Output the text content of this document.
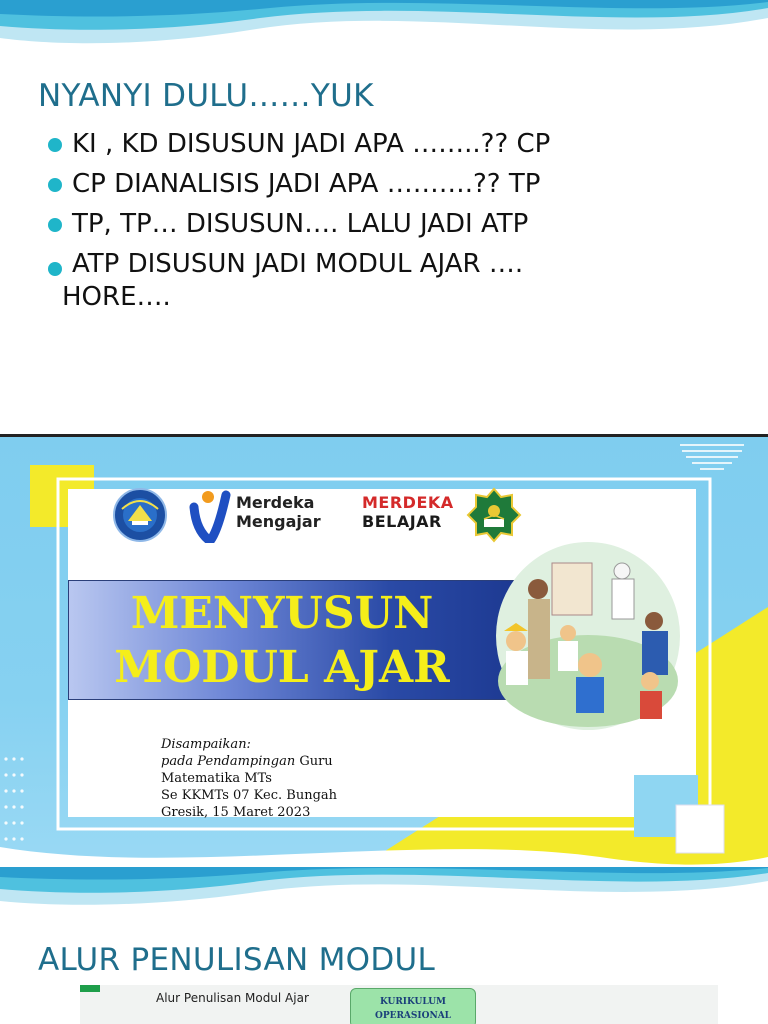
NYANYI DULU……YUK
KI , KD DISUSUN JADI APA ……..?? CP
CP DIANALISIS JADI APA ……….?? TP
TP, TP… DISUSUN…. LALU JADI ATP
ATP DISUSUN JADI MODUL AJAR ….
HORE….
Merdeka
Mengajar
MERDEKA
BELAJAR
MENYUSUN
MODUL AJAR
Disampaikan:
pada Pendampingan Guru
Matematika MTs
Se KKMTs 07 Kec. Bungah
Gresik, 15 Maret 2023
ALUR PENULISAN MODUL
Alur Penulisan Modul Ajar	KURIKULUM
OPERASIONAL
